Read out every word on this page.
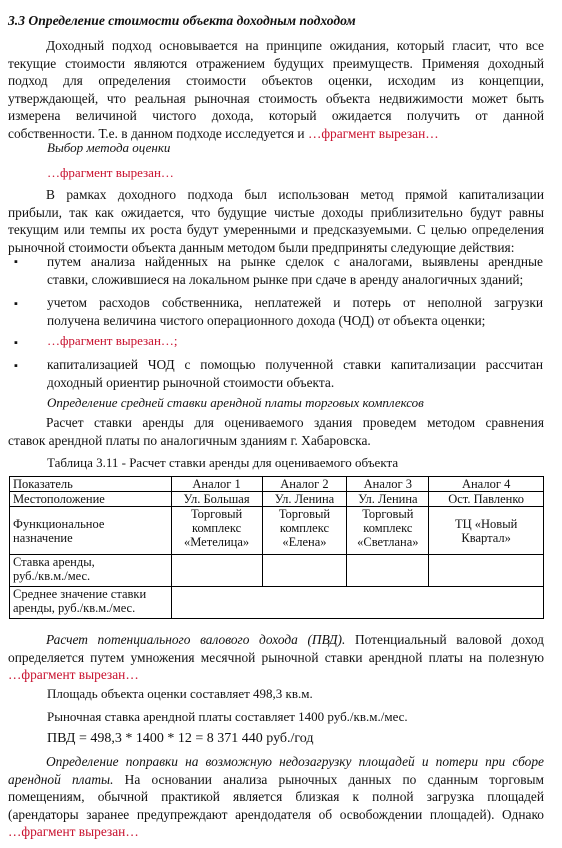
3.3 Определение стоимости объекта доходным подходом
Доходный подход основывается на принципе ожидания, который гласит, что все
текущие стоимости являются отражением будущих преимуществ. Применяя доходный
подход для определения стоимости объектов оценки, исходим из концепции,
утверждающей, что реальная рыночная стоимость объекта недвижимости может быть
измерена величиной чистого дохода, который ожидается получить от данной
собственности. Т.е. в данном подходе исследуется и …фрагмент вырезан…
Выбор метода оценки
…фрагмент вырезан…
В рамках доходного подхода был использован метод прямой капитализации
прибыли, так как ожидается, что будущие чистые доходы приблизительно будут равны
текущим или темпы их роста будут умеренными и предсказуемыми. С целью определения
рыночной стоимости объекта данным методом были предприняты следующие действия:
▪ путем анализа найденных на рынке сделок с аналогами, выявлены арендные
ставки, сложившиеся на локальном рынке при сдаче в аренду аналогичных зданий;
▪ учетом расходов собственника, неплатежей и потерь от неполной загрузки
получена величина чистого операционного дохода (ЧОД) от объекта оценки;
▪ …фрагмент вырезан…;
▪ капитализацией ЧОД с помощью полученной ставки капитализации рассчитан
доходный ориентир рыночной стоимости объекта.
Определение средней ставки арендной платы торговых комплексов
Расчет ставки аренды для оцениваемого здания проведем методом сравнения
ставок арендной платы по аналогичным зданиям г. Хабаровска.
Таблица 3.11 - Расчет ставки аренды для оцениваемого объекта
Показатель	Аналог 1	Аналог 2	Аналог 3	Аналог 4
Местоположение	Ул. Большая	Ул. Ленина	Ул. Ленина	Ост. Павленко
Функциональное
назначение	Торговый
комплекс
«Метелица»	Торговый
комплекс
«Елена»	Торговый
комплекс
«Светлана»	ТЦ «Новый
Квартал»
Ставка аренды,
руб./кв.м./мес.				
Среднее значение ставки
аренды, руб./кв.м./мес.				
Расчет потенциального валового дохода (ПВД). Потенциальный валовой доход
определяется путем умножения месячной рыночной ставки арендной платы на полезную
…фрагмент вырезан…
Площадь объекта оценки составляет 498,3 кв.м.
Рыночная ставка арендной платы составляет 1400 руб./кв.м./мес.
ПВД = 498,3 * 1400 * 12 = 8 371 440 руб./год
Определение поправки на возможную недозагрузку площадей и потери при сборе
арендной платы. На основании анализа рыночных данных по сданным торговым
помещениям, обычной практикой является близкая к полной загрузка площадей
(арендаторы заранее предупреждают арендодателя об освобождении площадей). Однако
…фрагмент вырезан…
